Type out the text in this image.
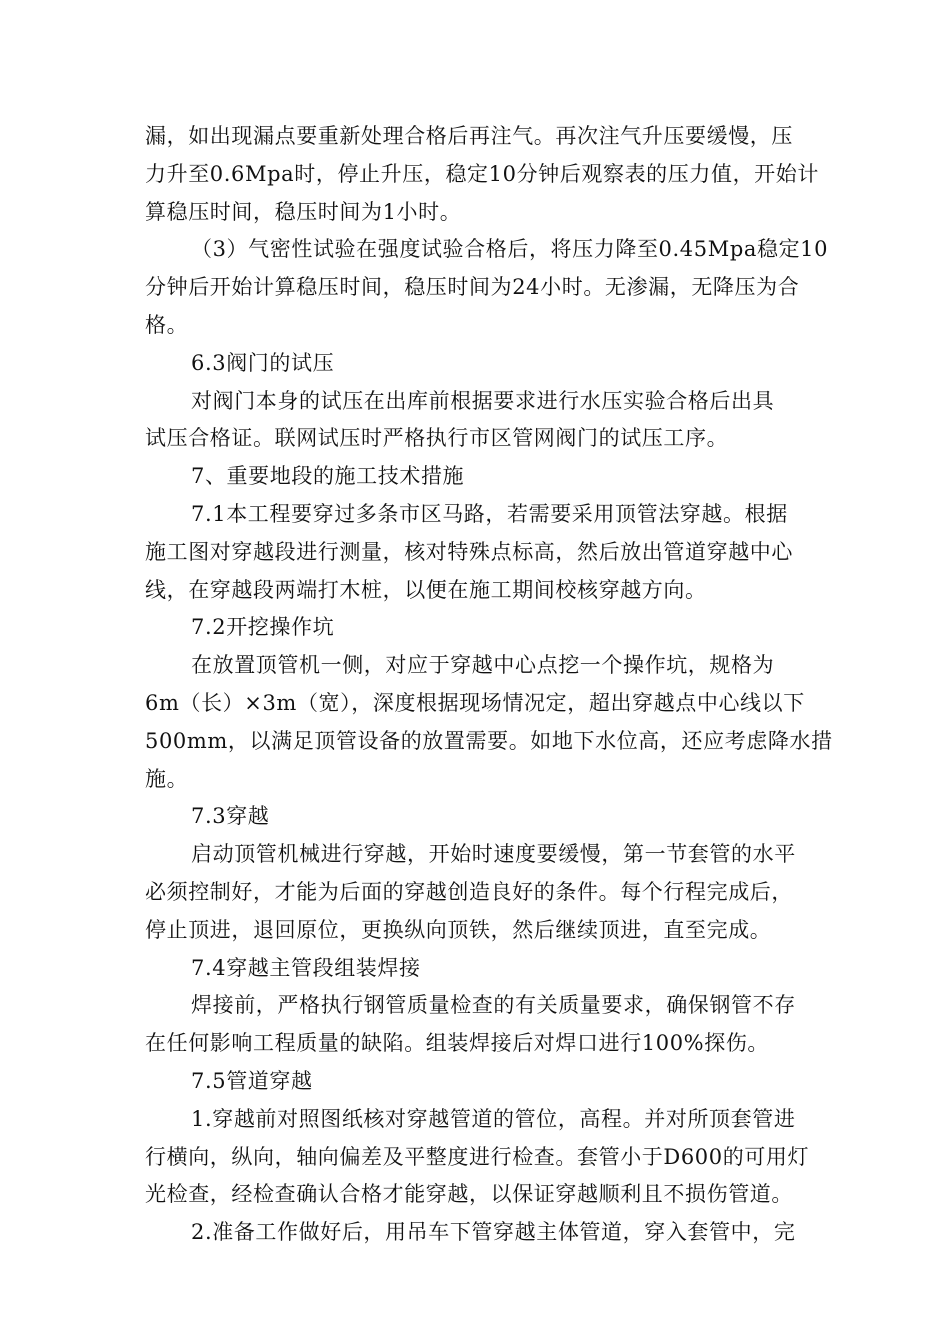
漏，如出现漏点要重新处理合格后再注气。再次注气升压要缓慢，压
力升至0.6Mpa时，停止升压，稳定10分钟后观察表的压力值，开始计
算稳压时间，稳压时间为1小时。
（3）气密性试验在强度试验合格后，将压力降至0.45Mpa稳定10
分钟后开始计算稳压时间，稳压时间为24小时。无渗漏，无降压为合
格。
6.3阀门的试压
对阀门本身的试压在出库前根据要求进行水压实验合格后出具
试压合格证。联网试压时严格执行市区管网阀门的试压工序。
7、重要地段的施工技术措施
7.1本工程要穿过多条市区马路，若需要采用顶管法穿越。根据
施工图对穿越段进行测量，核对特殊点标高，然后放出管道穿越中心
线，在穿越段两端打木桩，以便在施工期间校核穿越方向。
7.2开挖操作坑
在放置顶管机一侧，对应于穿越中心点挖一个操作坑，规格为
6m（长）×3m（宽），深度根据现场情况定，超出穿越点中心线以下
500mm，以满足顶管设备的放置需要。如地下水位高，还应考虑降水措
施。
7.3穿越
启动顶管机械进行穿越，开始时速度要缓慢，第一节套管的水平
必须控制好，才能为后面的穿越创造良好的条件。每个行程完成后，
停止顶进，退回原位，更换纵向顶铁，然后继续顶进，直至完成。
7.4穿越主管段组装焊接
焊接前，严格执行钢管质量检查的有关质量要求，确保钢管不存
在任何影响工程质量的缺陷。组装焊接后对焊口进行100%探伤。
7.5管道穿越
1.穿越前对照图纸核对穿越管道的管位，高程。并对所顶套管进
行横向，纵向，轴向偏差及平整度进行检查。套管小于D600的可用灯
光检查，经检查确认合格才能穿越，以保证穿越顺利且不损伤管道。
2.准备工作做好后，用吊车下管穿越主体管道，穿入套管中，完
